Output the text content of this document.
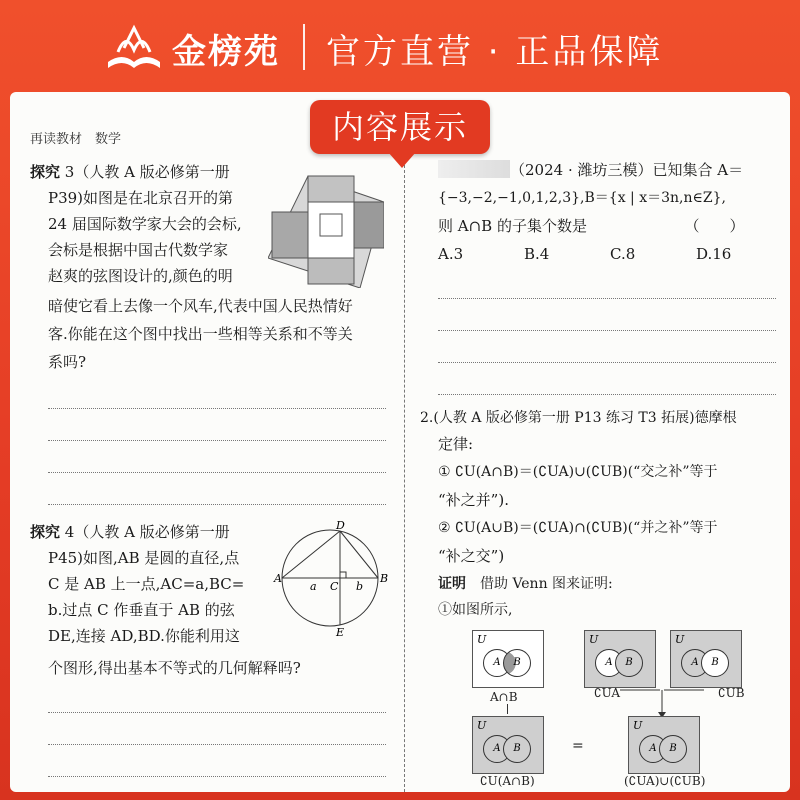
金榜苑 官方直营 · 正品保障
内容展示
再读教材　数学
探究 3（人教 A 版必修第一册
P39)如图是在北京召开的第
24 届国际数学家大会的会标,
会标是根据中国古代数学家
赵爽的弦图设计的,颜色的明
暗使它看上去像一个风车,代表中国人民热情好
客.你能在这个图中找出一些相等关系和不等关
系吗?
探究 4（人教 A 版必修第一册
P45)如图,AB 是圆的直径,点
C 是 AB 上一点,AC=a,BC=
b.过点 C 作垂直于 AB 的弦
DE,连接 AD,BD.你能利用这
个图形,得出基本不等式的几何解释吗?
A	B
C
D
E
a	b
（2024 · 潍坊三模）已知集合 A＝
{−3,−2,−1,0,1,2,3},B＝{x | x＝3n,n∈Z},
则 A∩B 的子集个数是　　　　　　　（　　）
A.3	B.4	C.8	D.16
2.(人教 A 版必修第一册 P13 练习 T3 拓展)德摩根
定律:
① ∁U(A∩B)＝(∁UA)∪(∁UB)(“交之补”等于
“补之并”).
② ∁U(A∪B)＝(∁UA)∩(∁UB)(“并之补”等于
“补之交”)
证明　 借助 Venn 图来证明:
①如图所示,
U
A	B
A∩B
U
A	B
∁UA
U
A	B
∁UB
U
A	B
∁U(A∩B)
=
U
A	B
(∁UA)∪(∁UB)
